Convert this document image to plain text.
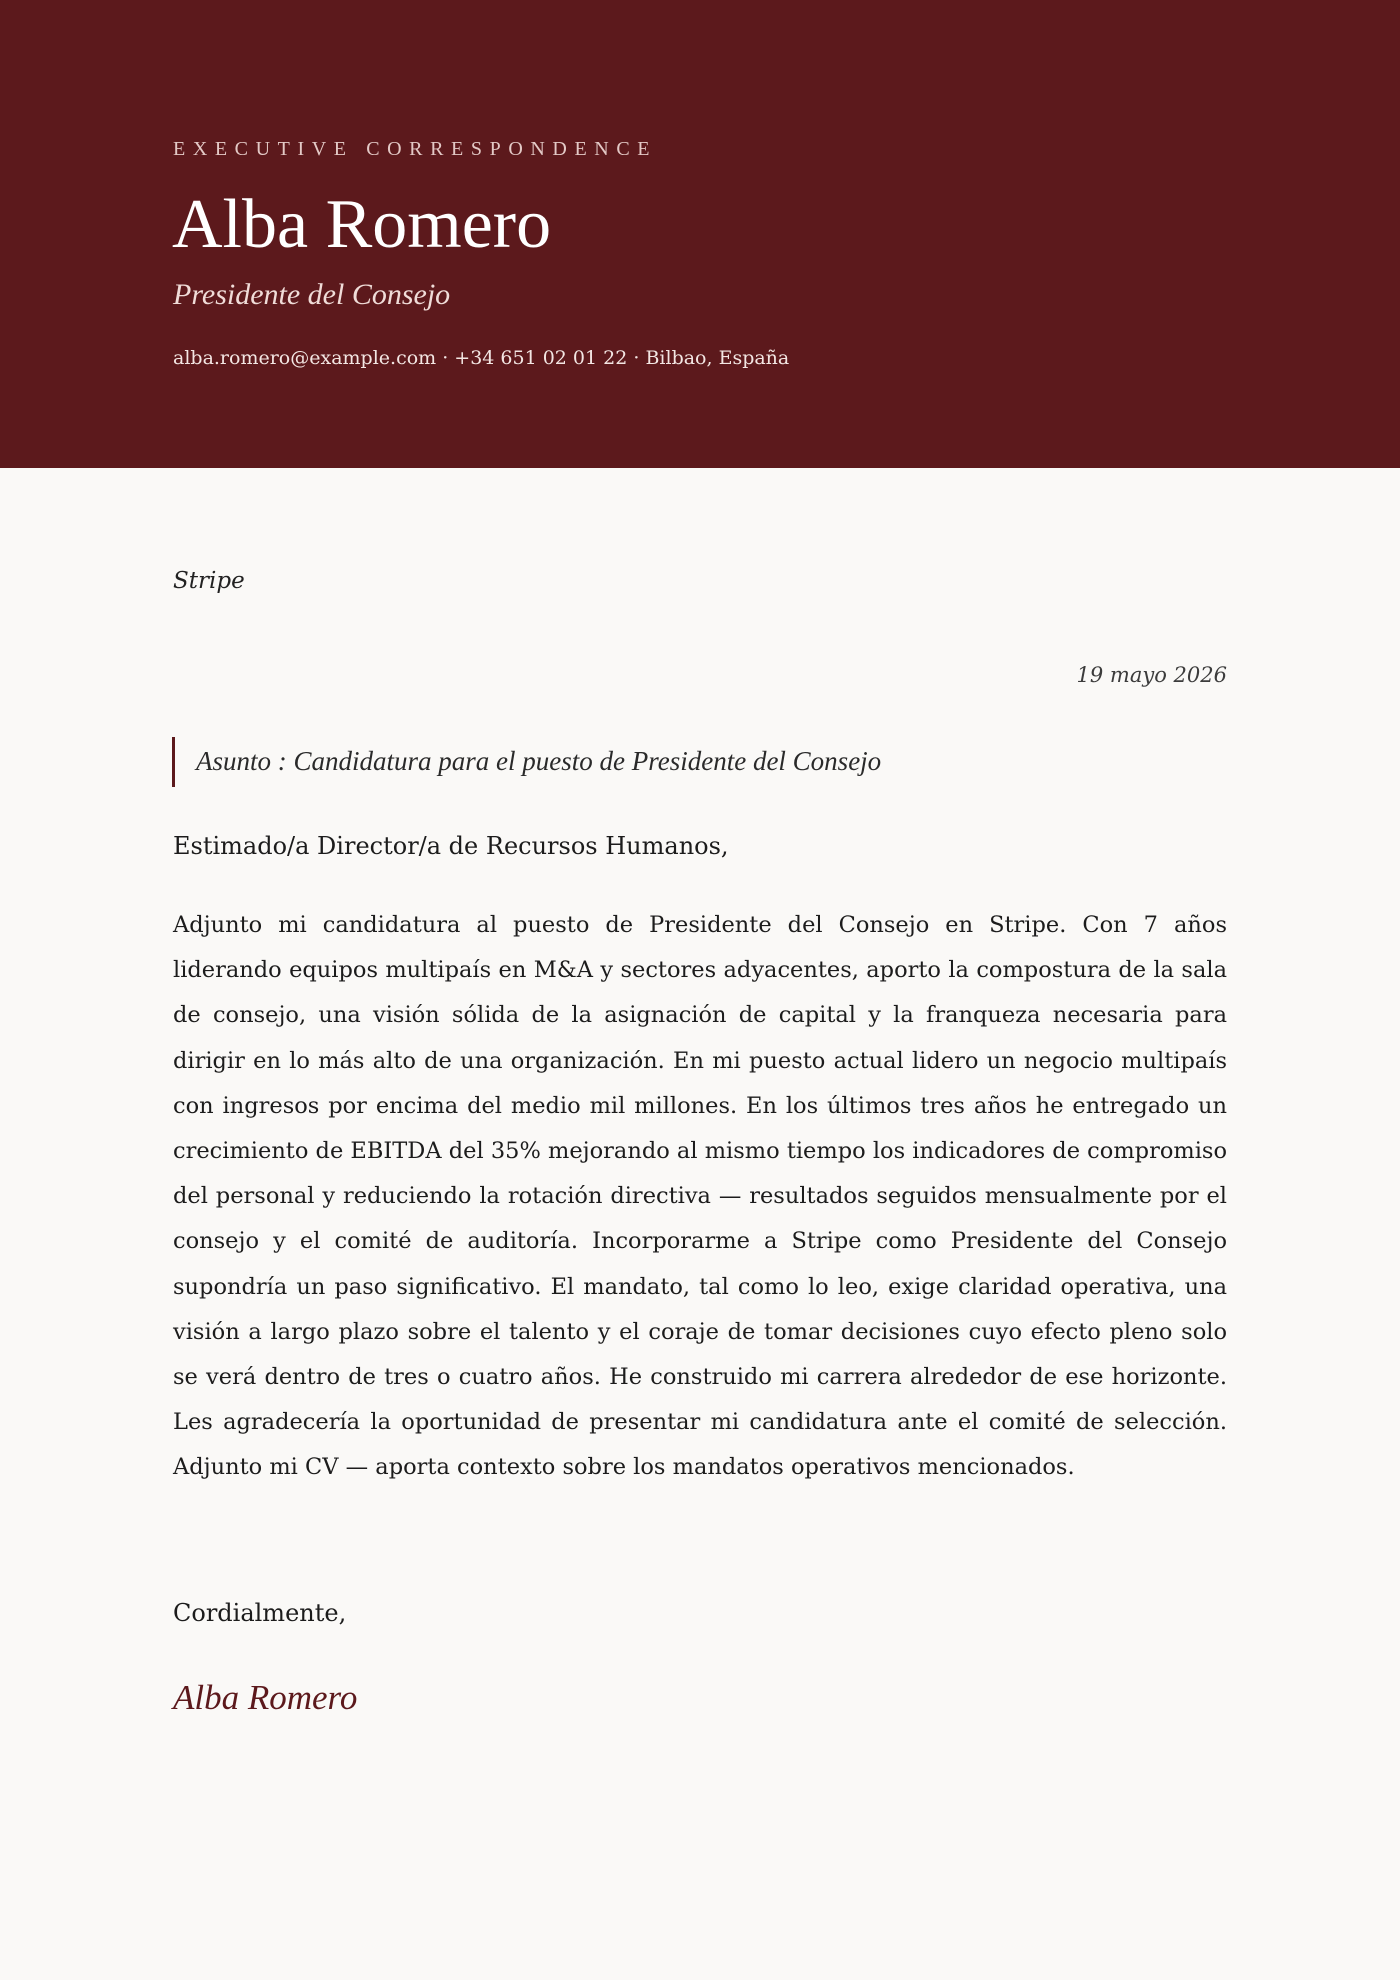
EXECUTIVE CORRESPONDENCE
Alba Romero
Presidente del Consejo
alba.romero@example.com · +34 651 02 01 22 · Bilbao, España
Stripe
19 mayo 2026
Asunto : Candidatura para el puesto de Presidente del Consejo
Estimado/a Director/a de Recursos Humanos,

Adjunto mi candidatura al puesto de Presidente del Consejo en Stripe. Con 7 años liderando equipos multipaís en M&A y sectores adyacentes, aporto la compostura de la sala de consejo, una visión sólida de la asignación de capital y la franqueza necesaria para dirigir en lo más alto de una organización. En mi puesto actual lidero un negocio multipaís con ingresos por encima del medio mil millones. En los últimos tres años he entregado un crecimiento de EBITDA del 35% mejorando al mismo tiempo los indicadores de compromiso del personal y reduciendo la rotación directiva — resultados seguidos mensualmente por el consejo y el comité de auditoría. Incorporarme a Stripe como Presidente del Consejo supondría un paso significativo. El mandato, tal como lo leo, exige claridad operativa, una visión a largo plazo sobre el talento y el coraje de tomar decisiones cuyo efecto pleno solo se verá dentro de tres o cuatro años. He construido mi carrera alrededor de ese horizonte. Les agradecería la oportunidad de presentar mi candidatura ante el comité de selección. Adjunto mi CV — aporta contexto sobre los mandatos operativos mencionados.

Cordialmente,
Alba Romero
